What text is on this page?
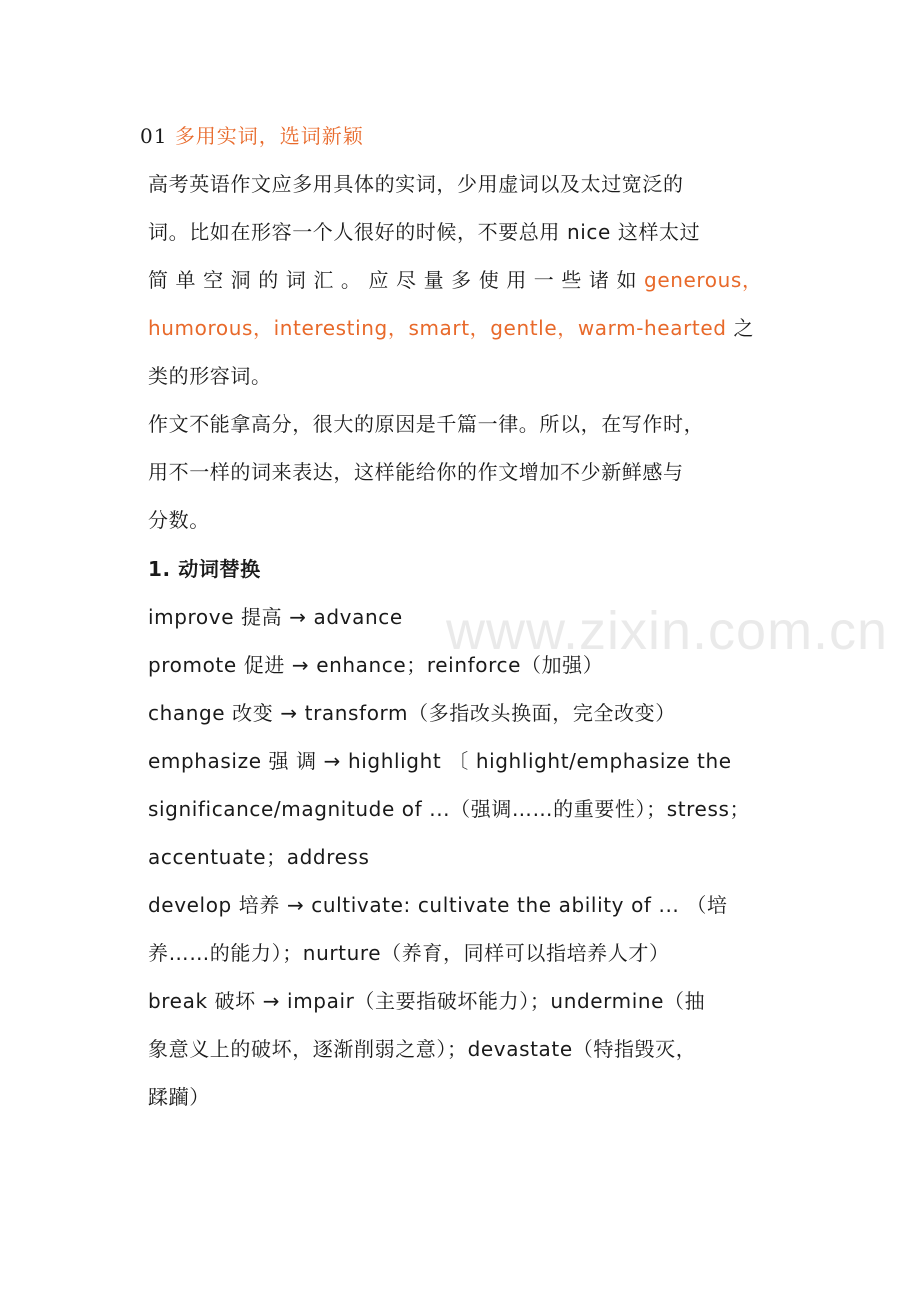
www.zixin.com.cn
01 多用实词，选词新颖
高考英语作文应多用具体的实词，少用虚词以及太过宽泛的
词。比如在形容一个人很好的时候，不要总用 nice 这样太过
简 单 空 洞 的 词 汇 。 应 尽 量 多 使 用 一 些 诸 如 generous，
humorous，interesting，smart，gentle，warm-hearted 之
类的形容词。
作文不能拿高分，很大的原因是千篇一律。所以，在写作时，
用不一样的词来表达，这样能给你的作文增加不少新鲜感与
分数。
1. 动词替换
improve 提高 → advance
promote 促进 → enhance；reinforce（加强）
change 改变 → transform（多指改头换面，完全改变）
emphasize 强 调 → highlight 〔 highlight/emphasize the
significance/magnitude of ...（强调……的重要性）；stress；
accentuate；address
develop 培养 → cultivate: cultivate the ability of ... （培
养……的能力）；nurture（养育，同样可以指培养人才）
break 破坏 → impair（主要指破坏能力）；undermine（抽
象意义上的破坏，逐渐削弱之意）；devastate（特指毁灭，
蹂躏）
